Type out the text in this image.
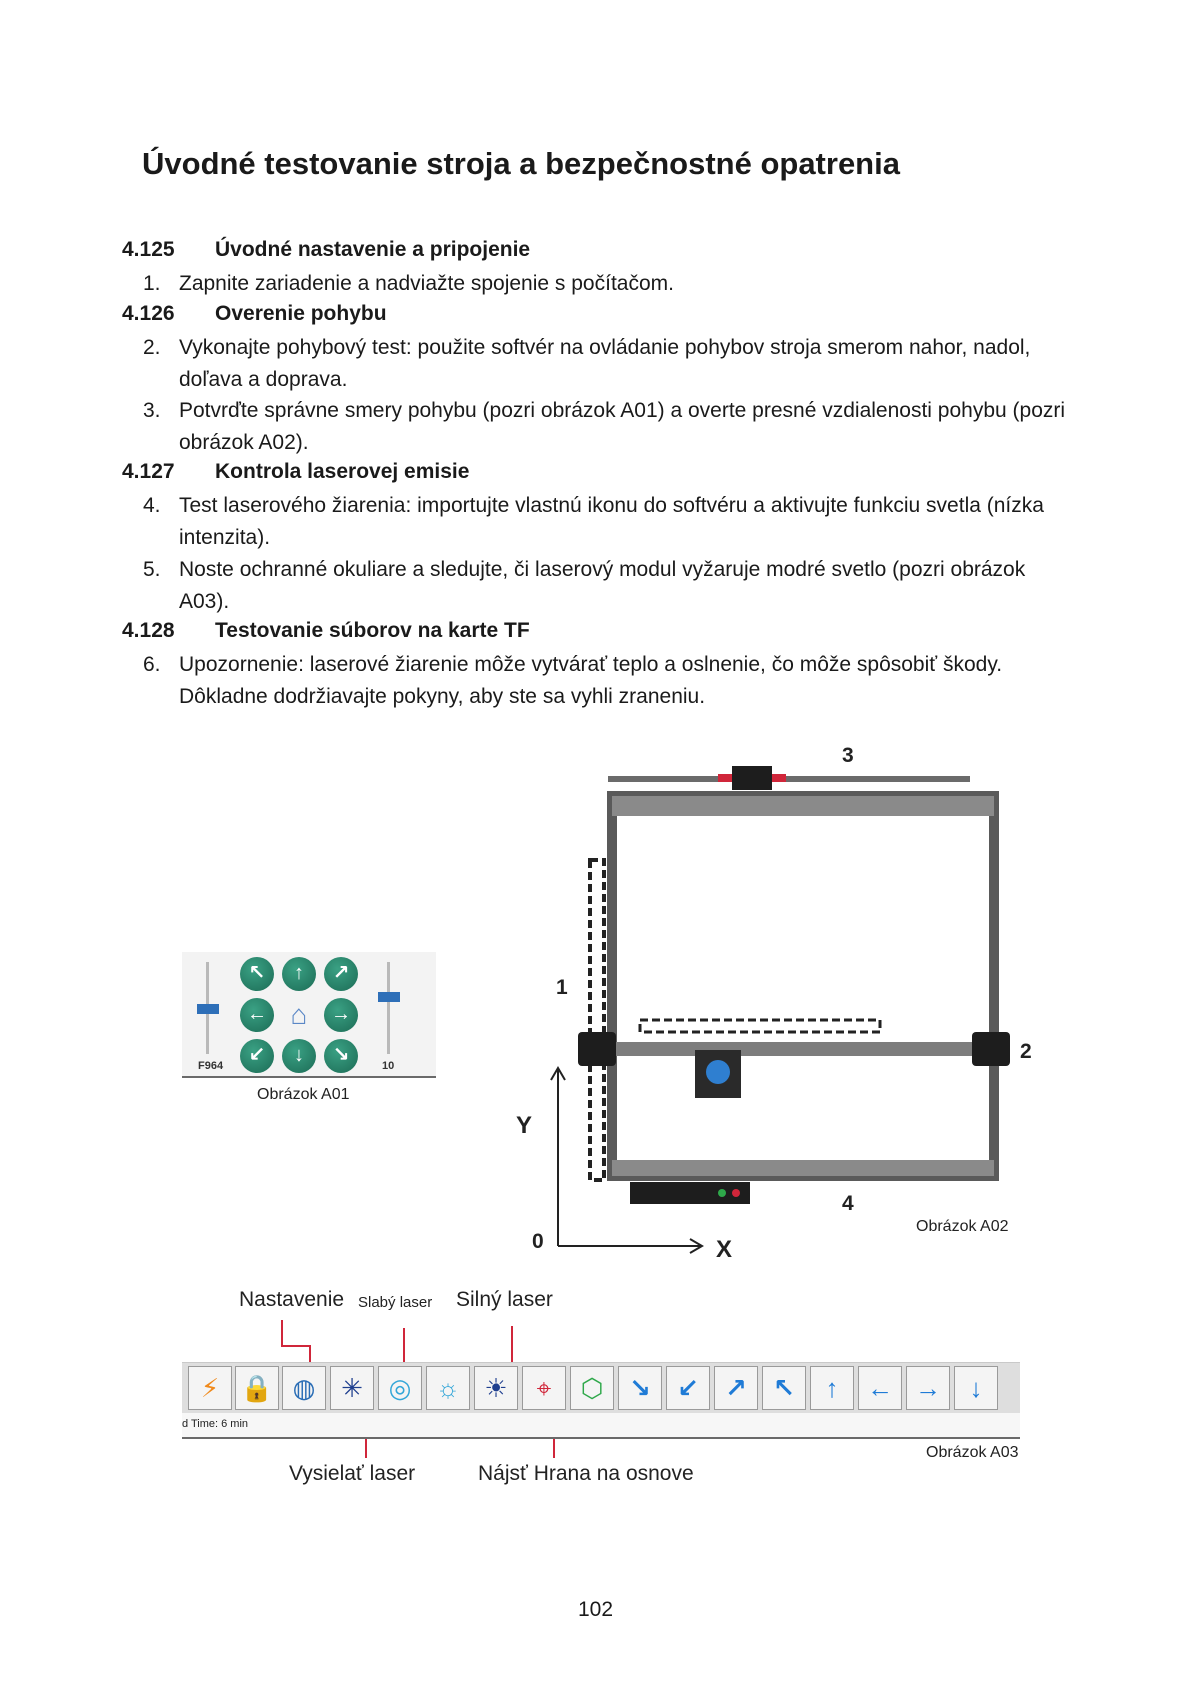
Úvodné testovanie stroja a bezpečnostné opatrenia
4.125 Úvodné nastavenie a pripojenie
1. Zapnite zariadenie a nadviažte spojenie s počítačom.
4.126 Overenie pohybu
2. Vykonajte pohybový test: použite softvér na ovládanie pohybov stroja smerom nahor, nadol, doľava a doprava.
3. Potvrďte správne smery pohybu (pozri obrázok A01) a overte presné vzdialenosti pohybu (pozri obrázok A02).
4.127 Kontrola laserovej emisie
4. Test laserového žiarenia: importujte vlastnú ikonu do softvéru a aktivujte funkciu svetla (nízka intenzita).
5. Noste ochranné okuliare a sledujte, či laserový modul vyžaruje modré svetlo (pozri obrázok A03).
4.128 Testovanie súborov na karte TF
6. Upozornenie: laserové žiarenie môže vytvárať teplo a oslnenie, čo môže spôsobiť škody. Dôkladne dodržiavajte pokyny, aby ste sa vyhli zraneniu.
F964
↖	↑	↗
← ⌂	→
↙	↓	↘	10
Obrázok A01
3
1
2
4
Y
0	X
Obrázok A02
Nastavenie Slabý laser Silný laser
⚡ 🔒 ◍ ✳ ◎ ☼ ☀	⌖	⬡ ↘	↙	↗	↖	↑	← →	↓
d Time: 6 min
Vysielať laser	Nájsť Hrana na osnove
Obrázok A03
102
